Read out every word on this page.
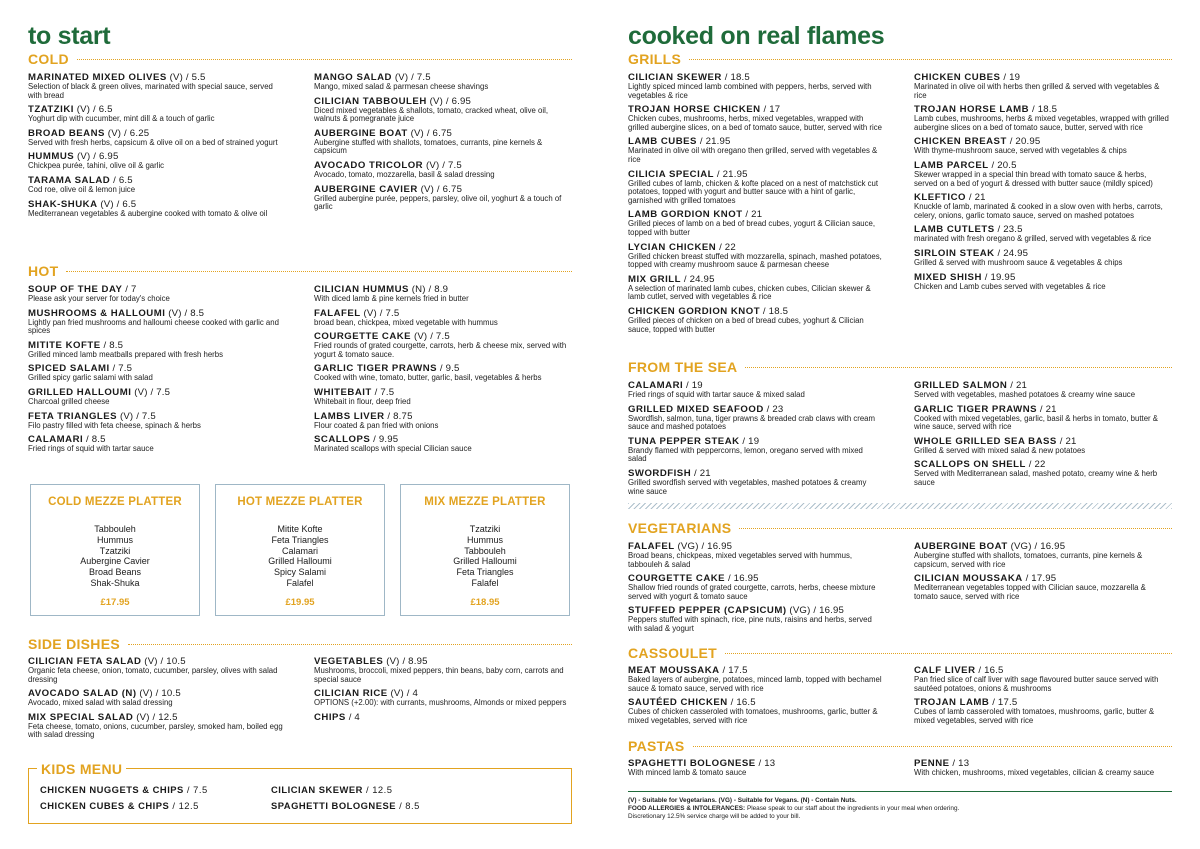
to start
COLD
MARINATED MIXED OLIVES (V) / 5.5
Selection of black & green olives, marinated with special sauce, served with bread
TZATZIKI (V) / 6.5
Yoghurt dip with cucumber, mint dill & a touch of garlic
BROAD BEANS (V) / 6.25
Served with fresh herbs, capsicum & olive oil on a bed of strained yogurt
HUMMUS (V) / 6.95
Chickpea purée, tahini, olive oil & garlic
TARAMA SALAD / 6.5
Cod roe, olive oil & lemon juice
SHAK-SHUKA (V) / 6.5
Mediterranean vegetables & aubergine cooked with tomato & olive oil
MANGO SALAD (V) / 7.5
Mango, mixed salad & parmesan cheese shavings
CILICIAN TABBOULEH (V) / 6.95
Diced mixed vegetables & shallots, tomato, cracked wheat, olive oil, walnuts & pomegranate juice
AUBERGINE BOAT (V) / 6.75
Aubergine stuffed with shallots, tomatoes, currants, pine kernels & capsicum
AVOCADO TRICOLOR (V) / 7.5
Avocado, tomato, mozzarella, basil & salad dressing
AUBERGINE CAVIER (V) / 6.75
Grilled aubergine purée, peppers, parsley, olive oil, yoghurt & a touch of garlic
HOT
SOUP OF THE DAY / 7
Please ask your server for today's choice
MUSHROOMS & HALLOUMI (V) / 8.5
Lightly pan fried mushrooms and halloumi cheese cooked with garlic and spices
MITITE KOFTE / 8.5
Grilled minced lamb meatballs prepared with fresh herbs
SPICED SALAMI / 7.5
Grilled spicy garlic salami with salad
GRILLED HALLOUMI (V) / 7.5
Charcoal grilled cheese
FETA TRIANGLES (V) / 7.5
Filo pastry filled with feta cheese, spinach & herbs
CALAMARI / 8.5
Fried rings of squid with tartar sauce
CILICIAN HUMMUS (N) / 8.9
With diced lamb & pine kernels fried in butter
FALAFEL (V) / 7.5
broad bean, chickpea, mixed vegetable with hummus
COURGETTE CAKE (V) / 7.5
Fried rounds of grated courgette, carrots, herb & cheese mix, served with yogurt & tomato sauce.
GARLIC TIGER PRAWNS / 9.5
Cooked with wine, tomato, butter, garlic, basil, vegetables & herbs
WHITEBAIT / 7.5
Whitebait in flour, deep fried
LAMBS LIVER / 8.75
Flour coated & pan fried with onions
SCALLOPS / 9.95
Marinated scallops with special Cilician sauce
COLD MEZZE PLATTER
Tabbouleh
Hummus
Tzatziki
Aubergine Cavier
Broad Beans
Shak-Shuka
£17.95
HOT MEZZE PLATTER
Mitite Kofte
Feta Triangles
Calamari
Grilled Halloumi
Spicy Salami
Falafel
£19.95
MIX MEZZE PLATTER
Tzatziki
Hummus
Tabbouleh
Grilled Halloumi
Feta Triangles
Falafel
£18.95
SIDE DISHES
CILICIAN FETA SALAD (V) / 10.5
Organic feta cheese, onion, tomato, cucumber, parsley, olives with salad dressing
AVOCADO SALAD (N) (V) / 10.5
Avocado, mixed salad with salad dressing
MIX SPECIAL SALAD (V) / 12.5
Feta cheese, tomato, onions, cucumber, parsley, smoked ham, boiled egg with salad dressing
VEGETABLES (V) / 8.95
Mushrooms, broccoli, mixed peppers, thin beans, baby corn, carrots and special sauce
CILICIAN RICE (V) / 4
OPTIONS (+2.00): with currants, mushrooms, Almonds or mixed peppers
CHIPS / 4
KIDS MENU
CHICKEN NUGGETS & CHIPS / 7.5
CHICKEN CUBES & CHIPS / 12.5
CILICIAN SKEWER / 12.5
SPAGHETTI BOLOGNESE / 8.5
cooked on real flames
GRILLS
CILICIAN SKEWER / 18.5
Lightly spiced minced lamb combined with peppers, herbs, served with vegetables & rice
TROJAN HORSE CHICKEN / 17
Chicken cubes, mushrooms, herbs, mixed vegetables, wrapped with grilled aubergine slices, on a bed of tomato sauce, butter, served with rice
LAMB CUBES / 21.95
Marinated in olive oil with oregano then grilled, served with vegetables & rice
CILICIA SPECIAL / 21.95
Grilled cubes of lamb, chicken & kofte placed on a nest of matchstick cut potatoes, topped with yogurt and butter sauce with a hint of garlic, garnished with grilled tomatoes
LAMB GORDION KNOT / 21
Grilled pieces of lamb on a bed of bread cubes, yogurt & Cilician sauce, topped with butter
LYCIAN CHICKEN / 22
Grilled chicken breast stuffed with mozzarella, spinach, mashed potatoes, topped with creamy mushroom sauce & parmesan cheese
MIX GRILL / 24.95
A selection of marinated lamb cubes, chicken cubes, Cilician skewer & lamb cutlet, served with vegetables & rice
CHICKEN GORDION KNOT / 18.5
Grilled pieces of chicken on a bed of bread cubes, yoghurt & Cilician sauce, topped with butter
CHICKEN CUBES / 19
Marinated in olive oil with herbs then grilled & served with vegetables & rice
TROJAN HORSE LAMB / 18.5
Lamb cubes, mushrooms, herbs & mixed vegetables, wrapped with grilled aubergine slices on a bed of tomato sauce, butter, served with rice
CHICKEN BREAST / 20.95
With thyme-mushroom sauce, served with vegetables & chips
LAMB PARCEL / 20.5
Skewer wrapped in a special thin bread with tomato sauce & herbs, served on a bed of yogurt & dressed with butter sauce (mildly spiced)
KLEFTICO / 21
Knuckle of lamb, marinated & cooked in a slow oven with herbs, carrots, celery, onions, garlic tomato sauce, served on mashed potatoes
LAMB CUTLETS / 23.5
marinated with fresh oregano & grilled, served with vegetables & rice
SIRLOIN STEAK / 24.95
Grilled & served with mushroom sauce & vegetables & chips
MIXED SHISH / 19.95
Chicken and Lamb cubes served with vegetables & rice
FROM THE SEA
CALAMARI / 19
Fried rings of squid with tartar sauce & mixed salad
GRILLED MIXED SEAFOOD / 23
Swordfish, salmon, tuna, tiger prawns & breaded crab claws with cream sauce and mashed potatoes
TUNA PEPPER STEAK / 19
Brandy flamed with peppercorns, lemon, oregano served with mixed salad
SWORDFISH / 21
Grilled swordfish served with vegetables, mashed potatoes & creamy wine sauce
GRILLED SALMON / 21
Served with vegetables, mashed potatoes & creamy wine sauce
GARLIC TIGER PRAWNS / 21
Cooked with mixed vegetables, garlic, basil & herbs in tomato, butter & wine sauce, served with rice
WHOLE GRILLED SEA BASS / 21
Grilled & served with mixed salad & new potatoes
SCALLOPS ON SHELL / 22
Served with Mediterranean salad, mashed potato, creamy wine & herb sauce
VEGETARIANS
FALAFEL (VG) / 16.95
Broad beans, chickpeas, mixed vegetables served with hummus, tabbouleh & salad
COURGETTE CAKE / 16.95
Shallow fried rounds of grated courgette, carrots, herbs, cheese mixture served with yogurt & tomato sauce
STUFFED PEPPER (CAPSICUM) (VG) / 16.95
Peppers stuffed with spinach, rice, pine nuts, raisins and herbs, served with salad & yogurt
AUBERGINE BOAT (VG) / 16.95
Aubergine stuffed with shallots, tomatoes, currants, pine kernels & capsicum, served with rice
CILICIAN MOUSSAKA / 17.95
Mediterranean vegetables topped with Cilician sauce, mozzarella & tomato sauce, served with rice
CASSOULET
MEAT MOUSSAKA / 17.5
Baked layers of aubergine, potatoes, minced lamb, topped with bechamel sauce & tomato sauce, served with rice
SAUTÉED CHICKEN / 16.5
Cubes of chicken casseroled with tomatoes, mushrooms, garlic, butter & mixed vegetables, served with rice
CALF LIVER / 16.5
Pan fried slice of calf liver with sage flavoured butter sauce served with sautéed potatoes, onions & mushrooms
TROJAN LAMB / 17.5
Cubes of lamb casseroled with tomatoes, mushrooms, garlic, butter & mixed vegetables, served with rice
PASTAS
SPAGHETTI BOLOGNESE / 13
With minced lamb & tomato sauce
PENNE / 13
With chicken, mushrooms, mixed vegetables, cilician & creamy sauce
(V) - Suitable for Vegetarians. (VG) - Suitable for Vegans. (N) - Contain Nuts.
FOOD ALLERGIES & INTOLERANCES: Please speak to our staff about the ingredients in your meal when ordering.
Discretionary 12.5% service charge will be added to your bill.
